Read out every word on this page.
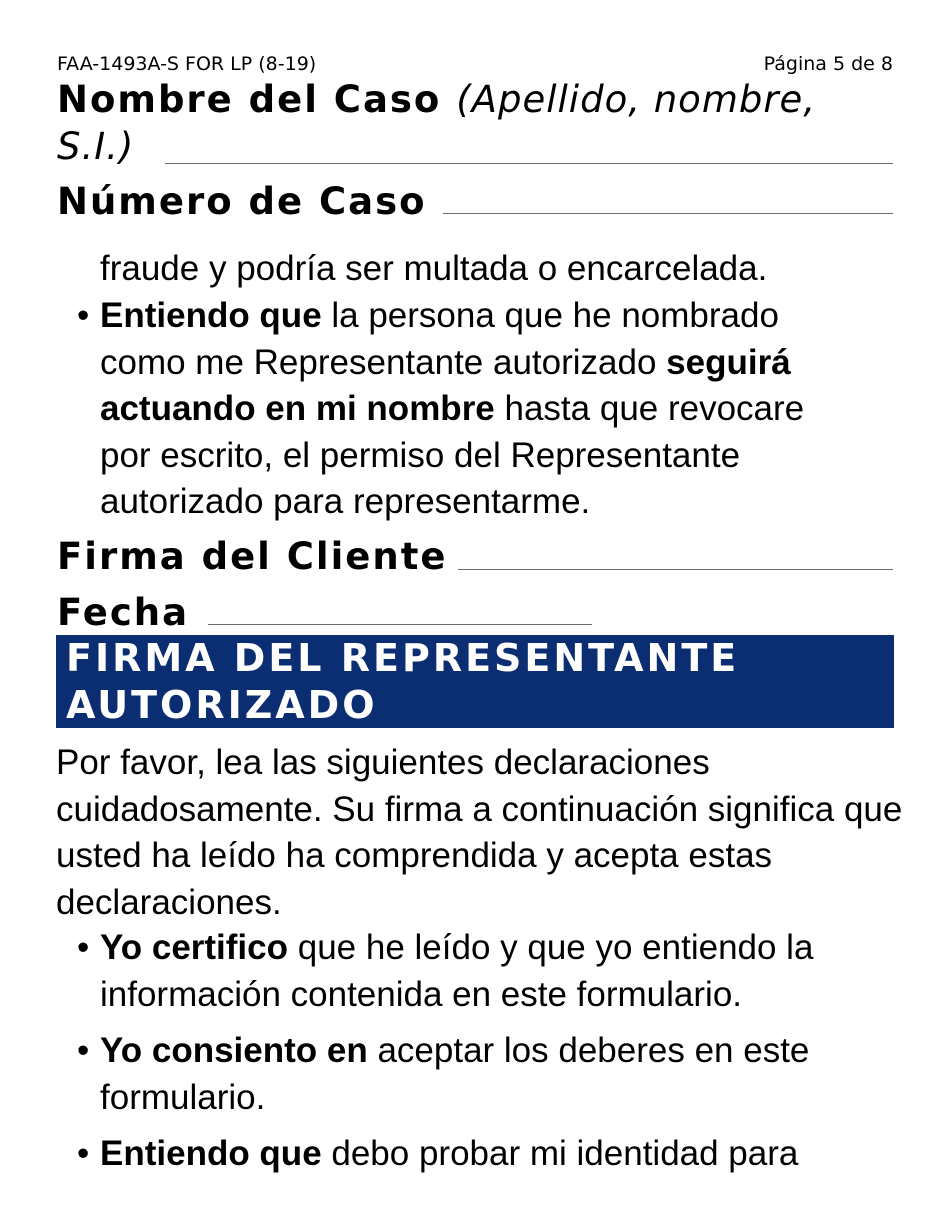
FAA-1493A-S FOR LP (8-19)	Página 5 de 8
Nombre del Caso (Apellido, nombre,
S.I.)
Número de Caso
fraude y podría ser multada o encarcelada.
• Entiendo que la persona que he nombrado como me Representante autorizado seguirá actuando en mi nombre hasta que revocare por escrito, el permiso del Representante autorizado para representarme.
Firma del Cliente
Fecha
FIRMA DEL REPRESENTANTE
AUTORIZADO
Por favor, lea las siguientes declaraciones cuidadosamente. Su firma a continuación significa que usted ha leído ha comprendida y acepta estas declaraciones.
• Yo certifico que he leído y que yo entiendo la información contenida en este formulario.
• Yo consiento en aceptar los deberes en este formulario.
• Entiendo que debo probar mi identidad para
